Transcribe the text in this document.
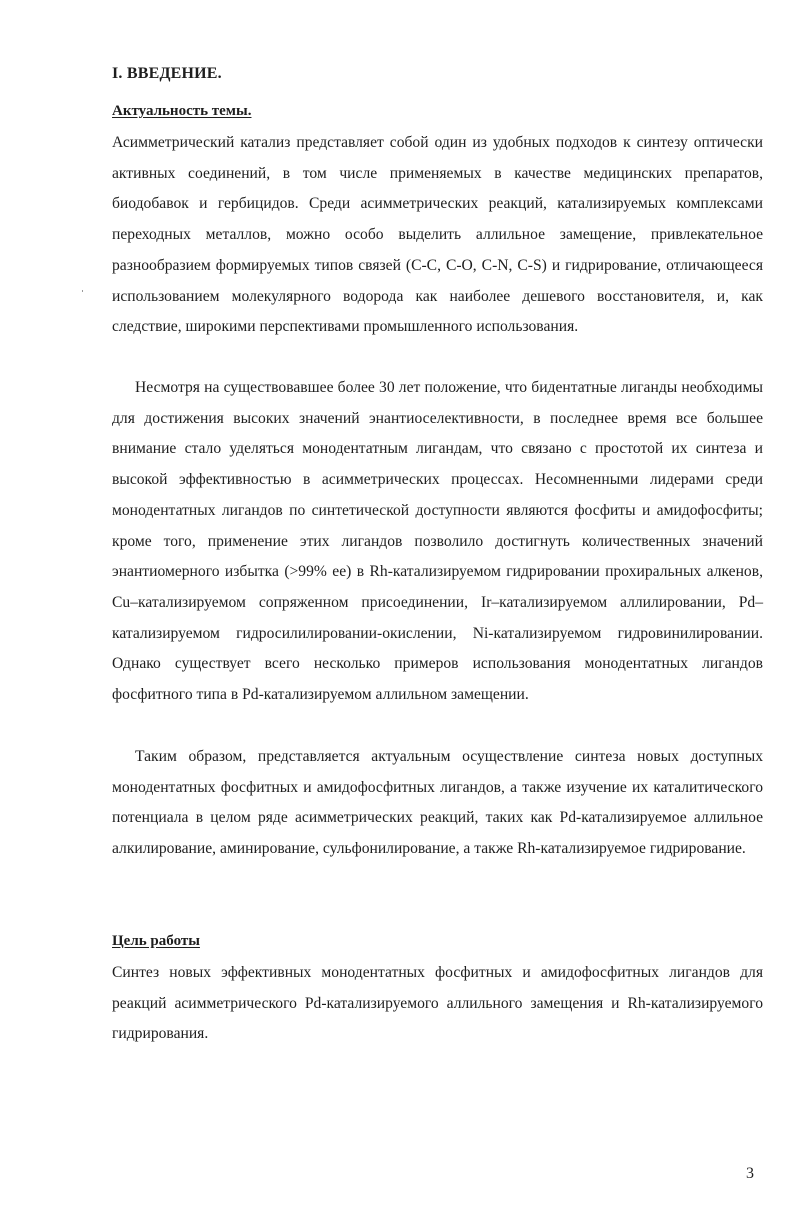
I. ВВЕДЕНИЕ.
Актуальность темы.

Асимметрический катализ представляет собой один из удобных подходов к синтезу оптически активных соединений, в том числе применяемых в качестве медицинских препаратов, биодобавок и гербицидов. Среди асимметрических реакций, катализируемых комплексами переходных металлов, можно особо выделить аллильное замещение, привлекательное разнообразием формируемых типов связей (C-C, C-O, C-N, C-S) и гидрирование, отличающееся использованием молекулярного водорода как наиболее дешевого восстановителя, и, как следствие, широкими перспективами промышленного использования.

Несмотря на существовавшее более 30 лет положение, что бидентатные лиганды необходимы для достижения высоких значений энантиоселективности, в последнее время все большее внимание стало уделяться монодентатным лигандам, что связано с простотой их синтеза и высокой эффективностью в асимметрических процессах. Несомненными лидерами среди монодентатных лигандов по синтетической доступности являются фосфиты и амидофосфиты; кроме того, применение этих лигандов позволило достигнуть количественных значений энантиомерного избытка (>99% ee) в Rh-катализируемом гидрировании прохиральных алкенов, Cu–катализируемом сопряженном присоединении, Ir–катализируемом аллилировании, Pd–катализируемом гидросилилировании-окислении, Ni-катализируемом гидровинилировании. Однако существует всего несколько примеров использования монодентатных лигандов фосфитного типа в Pd-катализируемом аллильном замещении.

Таким образом, представляется актуальным осуществление синтеза новых доступных монодентатных фосфитных и амидофосфитных лигандов, а также изучение их каталитического потенциала в целом ряде асимметрических реакций, таких как Pd-катализируемое аллильное алкилирование, аминирование, сульфонилирование, а также Rh-катализируемое гидрирование.

Цель работы

Синтез новых эффективных монодентатных фосфитных и амидофосфитных лигандов для реакций асимметрического Pd-катализируемого аллильного замещения и Rh-катализируемого гидрирования.

3
